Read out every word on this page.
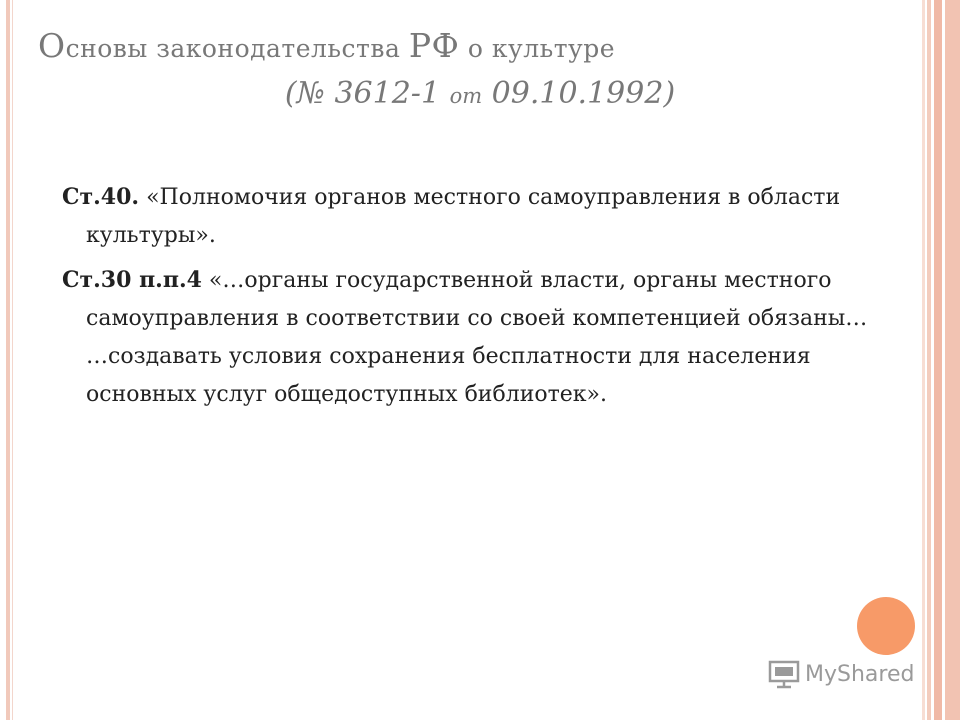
Основы законодательства РФ о культуре
(№ 3612-1 от 09.10.1992)

Ст.40. «Полномочия органов местного самоуправления в области культуры».

Ст.30 п.п.4 «…органы государственной власти, органы местного самоуправления в соответствии со своей компетенцией обязаны… …создавать условия сохранения бесплатности для населения основных услуг общедоступных библиотек».

MyShared
